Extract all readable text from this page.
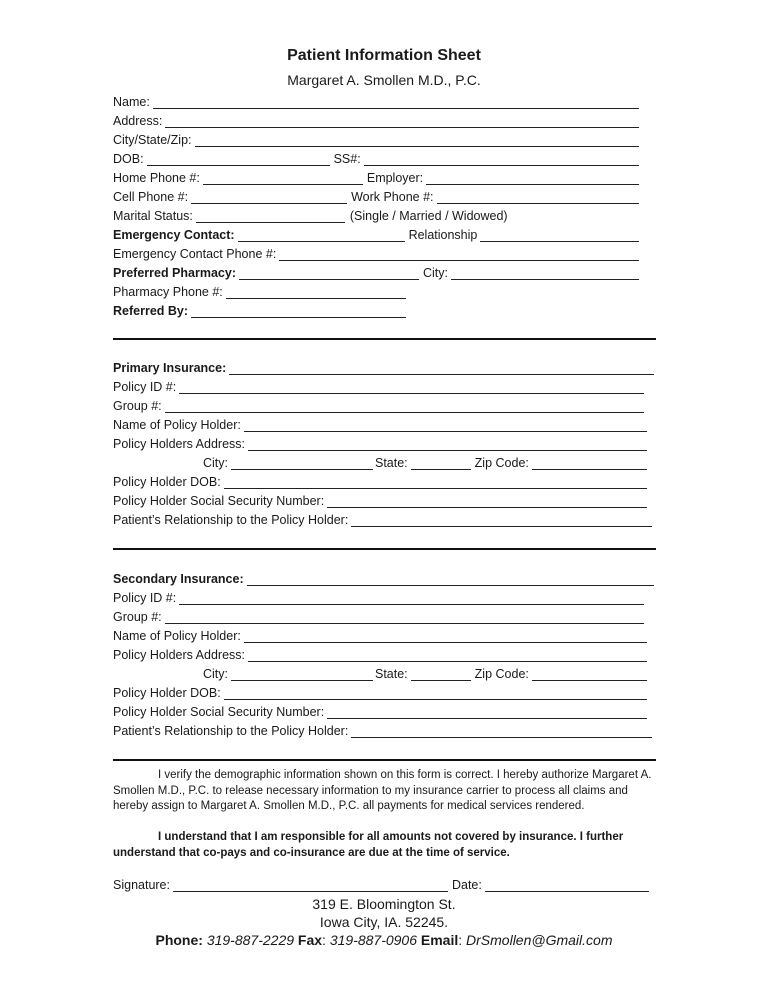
Patient Information Sheet
Margaret A. Smollen M.D., P.C.
Name:
Address:
City/State/Zip:
DOB:	SS#:
Home Phone #:	Employer:
Cell Phone #:	Work Phone #:
Marital Status:	(Single / Married / Widowed)
Emergency Contact:	Relationship
Emergency Contact Phone #:
Preferred Pharmacy:	City:
Pharmacy Phone #:
Referred By:
Primary Insurance:
Policy ID #:
Group #:
Name of Policy Holder:
Policy Holders Address:
City:	State:	Zip Code:
Policy Holder DOB:
Policy Holder Social Security Number:
Patient’s Relationship to the Policy Holder:
Secondary Insurance:
Policy ID #:
Group #:
Name of Policy Holder:
Policy Holders Address:
City:	State:	Zip Code:
Policy Holder DOB:
Policy Holder Social Security Number:
Patient’s Relationship to the Policy Holder:
I verify the demographic information shown on this form is correct. I hereby authorize Margaret A. Smollen M.D., P.C. to release necessary information to my insurance carrier to process all claims and hereby assign to Margaret A. Smollen M.D., P.C. all payments for medical services rendered.
I understand that I am responsible for all amounts not covered by insurance. I further understand that co-pays and co-insurance are due at the time of service.
Signature:	Date:
319 E. Bloomington St.
Iowa City, IA. 52245.
Phone: 319-887-2229 Fax: 319-887-0906 Email: DrSmollen@Gmail.com
